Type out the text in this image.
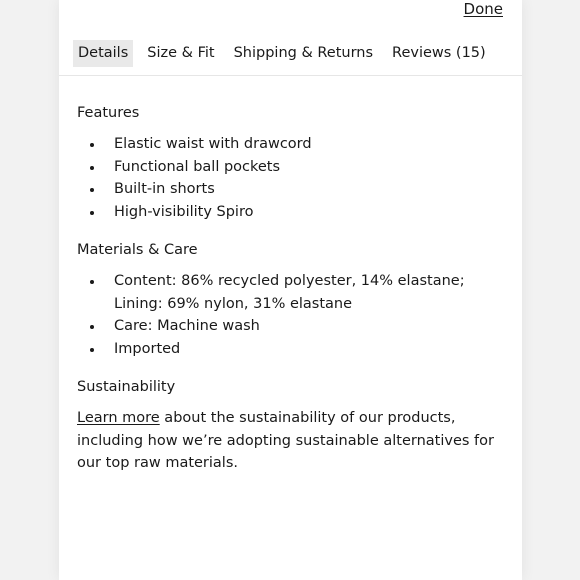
Done
Details	Size & Fit	Shipping & Returns	Reviews (15)
Features
Elastic waist with drawcord
Functional ball pockets
Built-in shorts
High-visibility Spiro
Materials & Care
Content: 86% recycled polyester, 14% elastane; Lining: 69% nylon, 31% elastane
Care: Machine wash
Imported
Sustainability

Learn more about the sustainability of our products, including how we’re adopting sustainable alternatives for our top raw materials.
